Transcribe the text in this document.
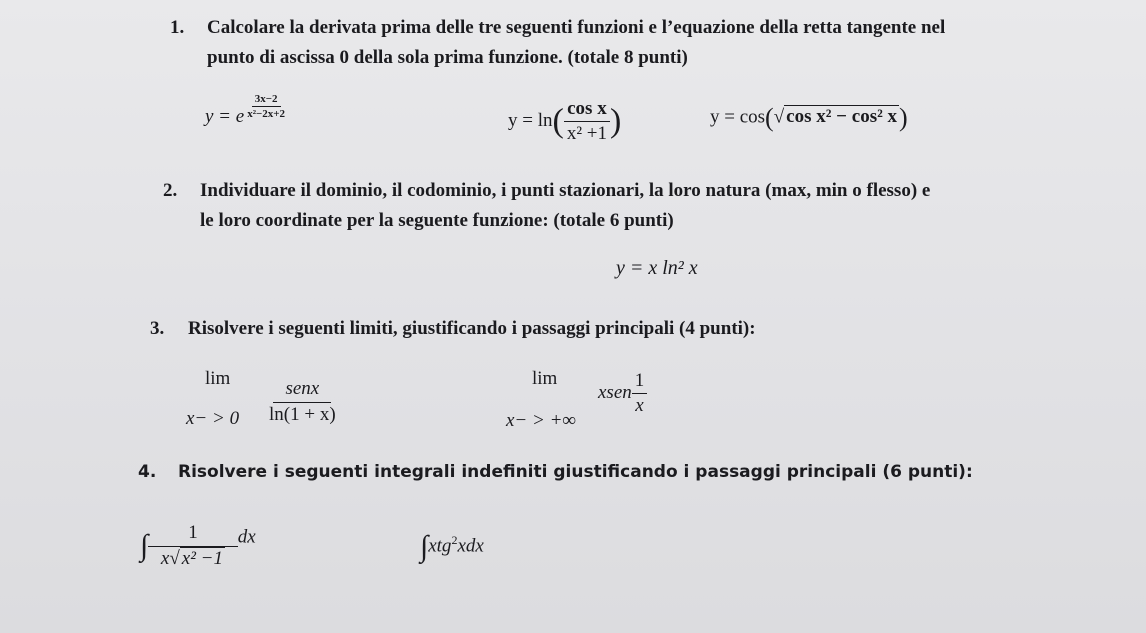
1. Calcolare la derivata prima delle tre seguenti funzioni e l’equazione della retta tangente nel
punto di ascissa 0 della sola prima funzione. (totale 8 punti)
y = e $\frac{3x-2}{\text{x²−2x+2}}$
$y = \ln( \frac{\text{cos x}}{\text{x² +1}}$ )	y = cos(√ cos x² − cos² x)
2. Individuare il dominio, il codominio, i punti stazionari, la loro natura (max, min o flesso) e
le loro coordinate per la seguente funzione: (totale 6 punti)
y = x ln² x
3. Risolvere i seguenti limiti, giustificando i passaggi principali (4 punti):
lim
$x- > 0 \frac{\text{senx}}{\ln(1 + x)}$	lim
x− > +∞
xsen $\frac{1}{x}$
4. Risolvere i seguenti integrali indefiniti giustificando i passaggi principali (6 punti):
∫ $\frac{1}{\text{x√ x² −1}}$ dx	∫xtg$^2$xdx
